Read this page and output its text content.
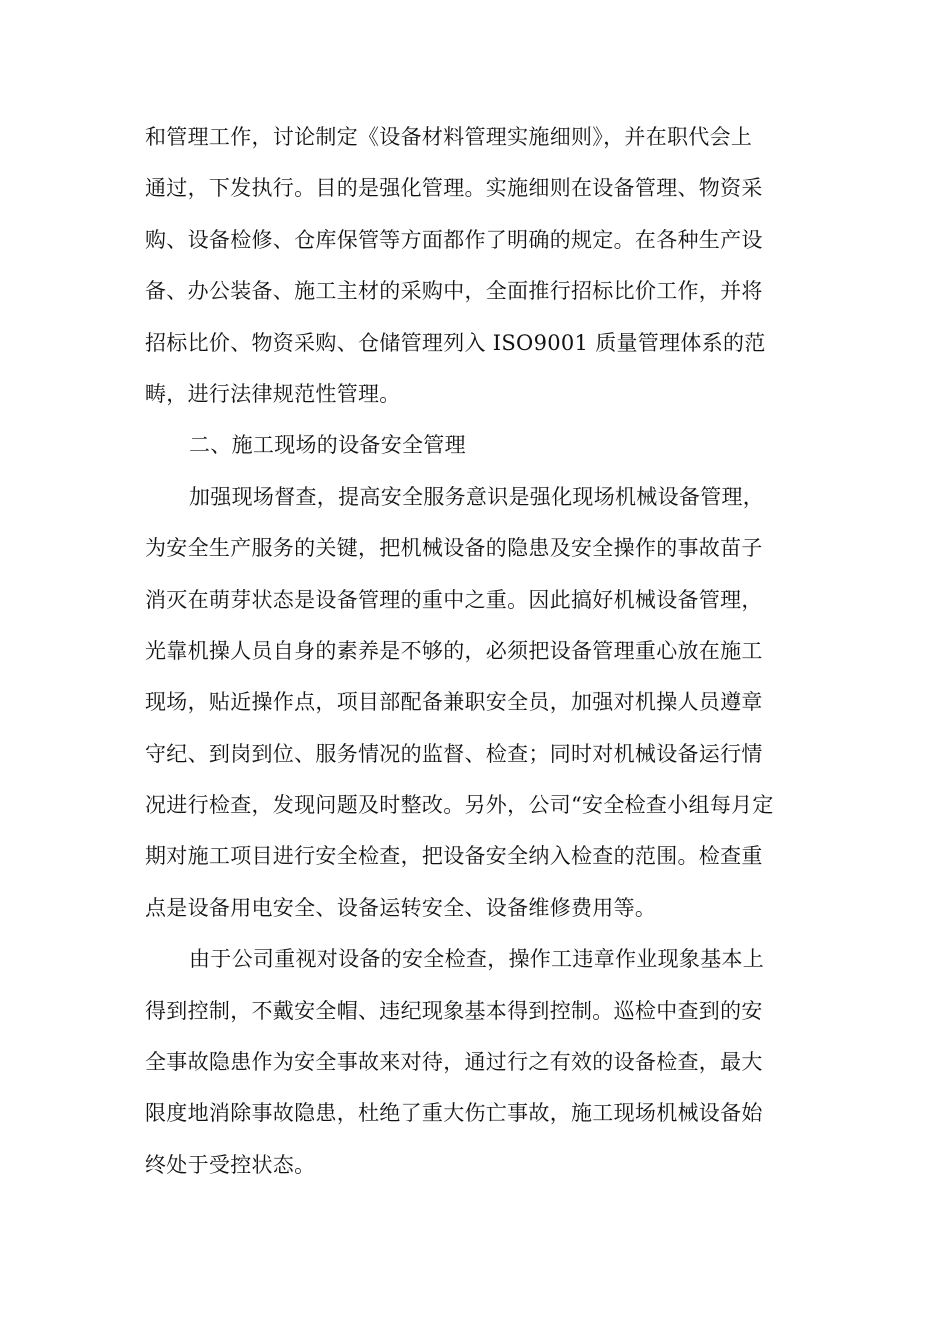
和管理工作，讨论制定《设备材料管理实施细则》，并在职代会上
通过，下发执行。目的是强化管理。实施细则在设备管理、物资采
购、设备检修、仓库保管等方面都作了明确的规定。在各种生产设
备、办公装备、施工主材的采购中，全面推行招标比价工作，并将
招标比价、物资采购、仓储管理列入 ISO9001 质量管理体系的范
畴，进行法律规范性管理。
二、施工现场的设备安全管理
加强现场督查，提高安全服务意识是强化现场机械设备管理，
为安全生产服务的关键，把机械设备的隐患及安全操作的事故苗子
消灭在萌芽状态是设备管理的重中之重。因此搞好机械设备管理，
光靠机操人员自身的素养是不够的，必须把设备管理重心放在施工
现场，贴近操作点，项目部配备兼职安全员，加强对机操人员遵章
守纪、到岗到位、服务情况的监督、检查；同时对机械设备运行情
况进行检查，发现问题及时整改。另外，公司“安全检查小组每月定
期对施工项目进行安全检查，把设备安全纳入检查的范围。检查重
点是设备用电安全、设备运转安全、设备维修费用等。
由于公司重视对设备的安全检查，操作工违章作业现象基本上
得到控制，不戴安全帽、违纪现象基本得到控制。巡检中查到的安
全事故隐患作为安全事故来对待，通过行之有效的设备检查，最大
限度地消除事故隐患，杜绝了重大伤亡事故，施工现场机械设备始
终处于受控状态。
